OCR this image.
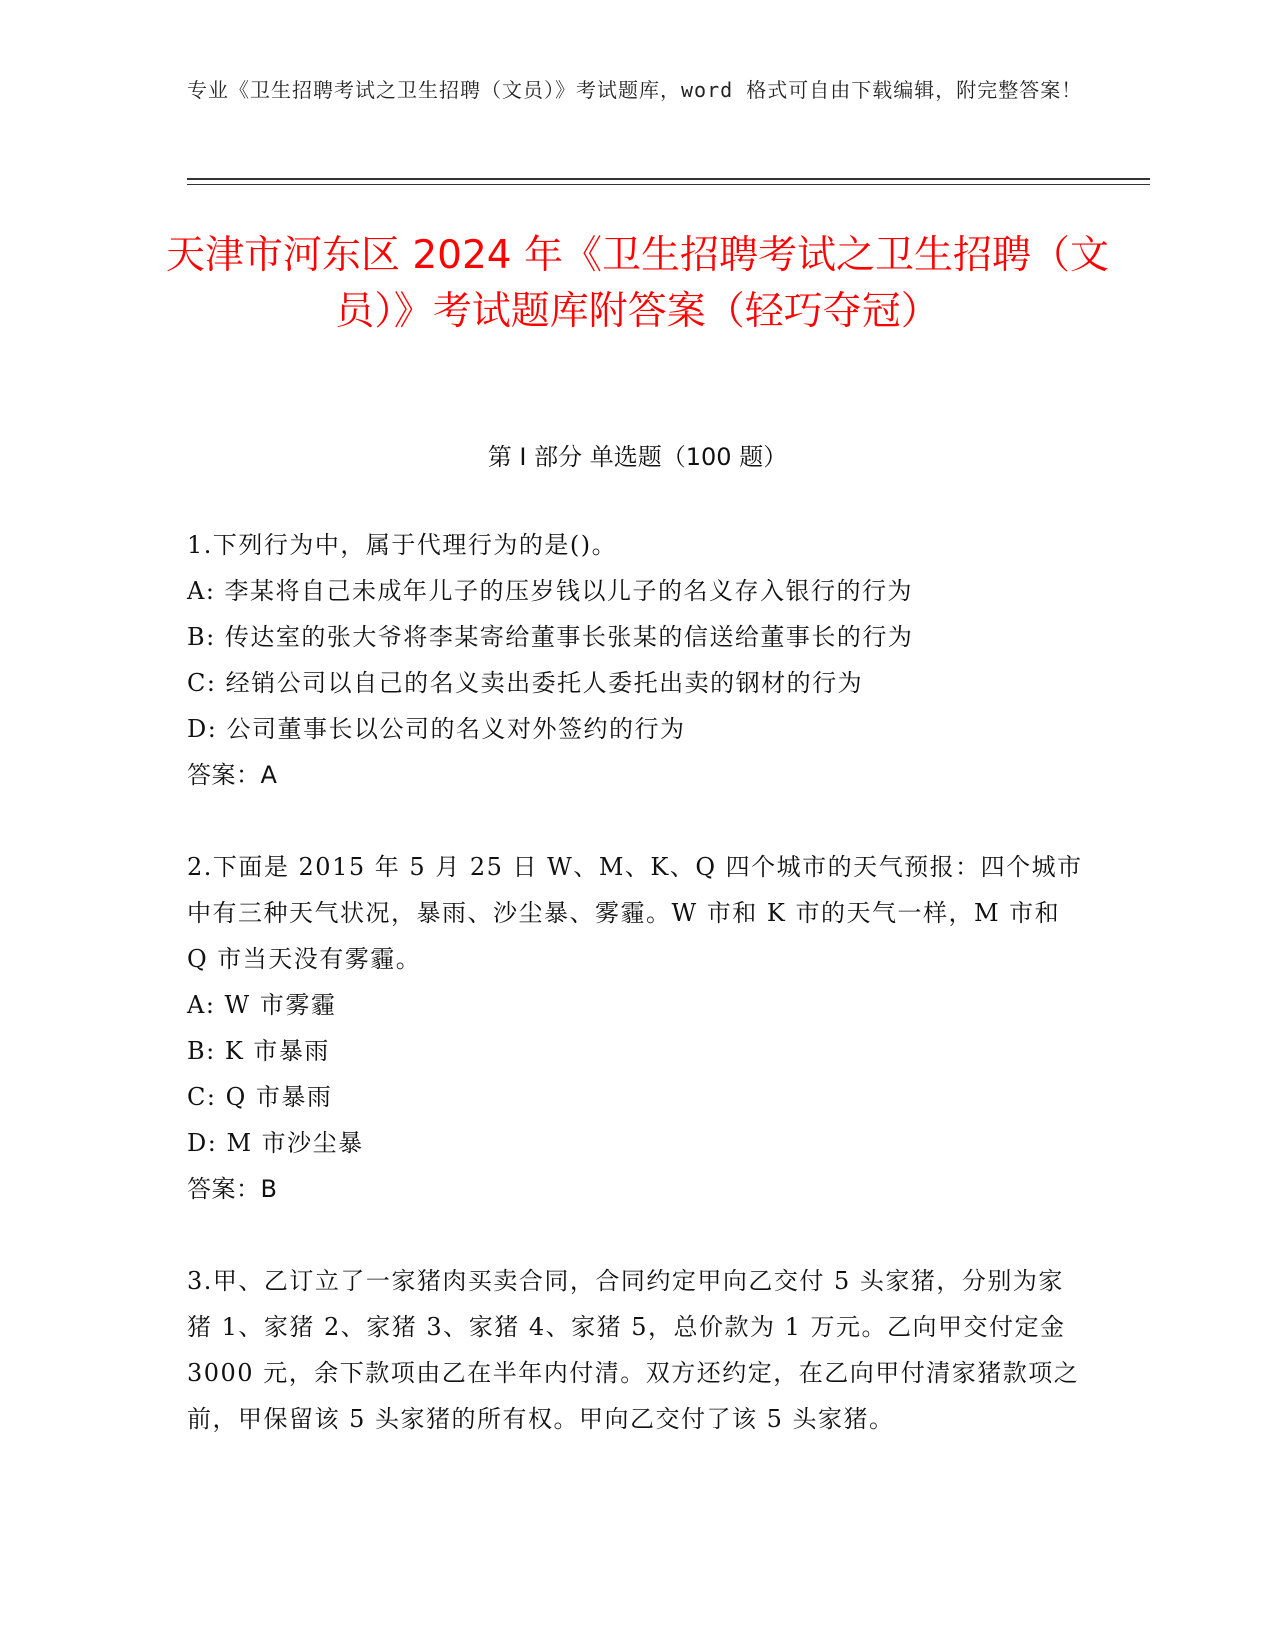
专业《卫生招聘考试之卫生招聘（文员）》考试题库，word 格式可自由下载编辑，附完整答案！
天津市河东区 2024 年《卫生招聘考试之卫生招聘（文员）》考试题库附答案（轻巧夺冠）
第 I 部分 单选题（100 题）
1.下列行为中，属于代理行为的是()。
A: 李某将自己未成年儿子的压岁钱以儿子的名义存入银行的行为
B: 传达室的张大爷将李某寄给董事长张某的信送给董事长的行为
C: 经销公司以自己的名义卖出委托人委托出卖的钢材的行为
D: 公司董事长以公司的名义对外签约的行为
答案：A
2.下面是 2015 年 5 月 25 日 W、M、K、Q 四个城市的天气预报：四个城市中有三种天气状况，暴雨、沙尘暴、雾霾。W 市和 K 市的天气一样，M 市和 Q 市当天没有雾霾。
A: W 市雾霾
B: K 市暴雨
C: Q 市暴雨
D: M 市沙尘暴
答案：B
3.甲、乙订立了一家猪肉买卖合同，合同约定甲向乙交付 5 头家猪，分别为家猪 1、家猪 2、家猪 3、家猪 4、家猪 5，总价款为 1 万元。乙向甲交付定金 3000 元，余下款项由乙在半年内付清。双方还约定，在乙向甲付清家猪款项之前，甲保留该 5 头家猪的所有权。甲向乙交付了该 5 头家猪。
